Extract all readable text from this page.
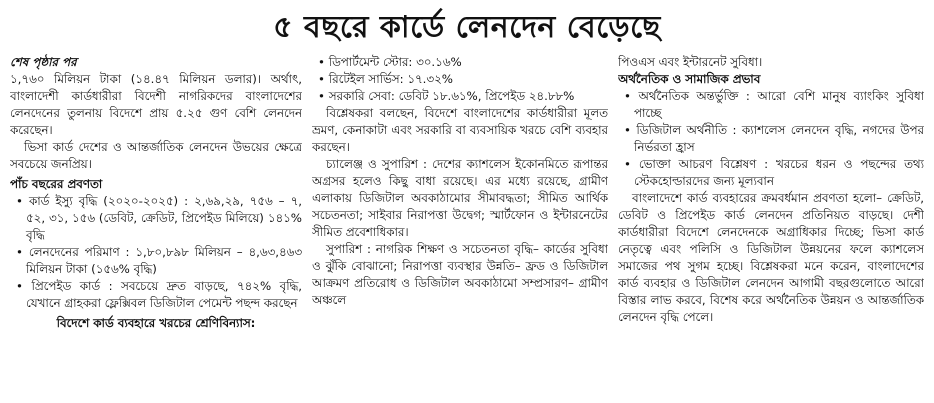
৫ বছরে কার্ডে লেনদেন বেড়েছে

শেষ পৃষ্ঠার পর

১,৭৬০ মিলিয়ন টাকা (১৪.৪৭ মিলিয়ন ডলার)। অর্থাৎ, বাংলাদেশী কার্ডধারীরা বিদেশী নাগরিকদের বাংলাদেশের লেনদেনের তুলনায় বিদেশে প্রায় ৫.২৫ গুণ বেশি লেনদেন করেছেন।

ভিসা কার্ড দেশের ও আন্তর্জাতিক লেনদেন উভয়ের ক্ষেত্রে সবচেয়ে জনপ্রিয়।

পাঁচ বছরের প্রবণতা

• কার্ড ইস্যু বৃদ্ধি (২০২০-২০২৫) : ২,৬৯,২৯, ৭৫৬ – ৭, ৫২, ৩১, ১৫৬ (ডেবিট, ক্রেডিট, প্রিপেইড মিলিয়ে) ১৪১% বৃদ্ধি

• লেনদেনের পরিমাণ : ১,৮০,৮৯৮ মিলিয়ন – ৪,৬৩,৪৬৩ মিলিয়ন টাকা (১৫৬% বৃদ্ধি)

• প্রিপেইড কার্ড : সবচেয়ে দ্রুত বাড়ছে, ৭৪২% বৃদ্ধি, যেখানে গ্রাহকরা ফ্লেক্সিবল ডিজিটাল পেমেন্ট পছন্দ করছেন

বিদেশে কার্ড ব্যবহারে খরচের শ্রেণিবিন্যাস:

• ডিপার্টমেন্ট স্টোর: ৩০.১৬%

• রিটেইল সার্ভিস: ১৭.৩২%

• সরকারি সেবা: ডেবিট ১৮.৬১%, প্রিপেইড ২৪.৮৮%

বিশ্লেষকরা বলছেন, বিদেশে বাংলাদেশের কার্ডধারীরা মূলত ভ্রমণ, কেনাকাটা এবং সরকারি বা ব্যবসায়িক খরচে বেশি ব্যবহার করছেন।

চ্যালেঞ্জ ও সুপারিশ : দেশের ক্যাশলেস ইকোনমিতে রূপান্তর অগ্রসর হলেও কিছু বাধা রয়েছে। এর মধ্যে রয়েছে, গ্রামীণ এলাকায় ডিজিটাল অবকাঠামোর সীমাবদ্ধতা; সীমিত আর্থিক সচেতনতা; সাইবার নিরাপত্তা উদ্বেগ; স্মার্টফোন ও ইন্টারনেটের সীমিত প্রবেশাধিকার।

সুপারিশ : নাগরিক শিক্ষণ ও সচেতনতা বৃদ্ধি– কার্ডের সুবিধা ও ঝুঁকি বোঝানো; নিরাপত্তা ব্যবস্থার উন্নতি– ফ্রড ও ডিজিটাল আক্রমণ প্রতিরোধ ও ডিজিটাল অবকাঠামো সম্প্রসারণ– গ্রামীণ অঞ্চলে

পিওএস এবং ইন্টারনেট সুবিধা।

অর্থনৈতিক ও সামাজিক প্রভাব

• অর্থনৈতিক অন্তর্ভুক্তি : আরো বেশি মানুষ ব্যাংকিং সুবিধা পাচ্ছে

• ডিজিটাল অর্থনীতি : ক্যাশলেস লেনদেন বৃদ্ধি, নগদের উপর নির্ভরতা হ্রাস

• ভোক্তা আচরণ বিশ্লেষণ : খরচের ধরন ও পছন্দের তথ্য স্টেকহোল্ডারদের জন্য মূল্যবান

বাংলাদেশে কার্ড ব্যবহারের ক্রমবর্ধমান প্রবণতা হলো– ক্রেডিট, ডেবিট ও প্রিপেইড কার্ড লেনদেন প্রতিনিয়ত বাড়ছে। দেশী কার্ডধারীরা বিদেশে লেনদেনকে অগ্রাধিকার দিচ্ছে; ভিসা কার্ড নেতৃত্বে এবং পলিসি ও ডিজিটাল উন্নয়নের ফলে ক্যাশলেস সমাজের পথ সুগম হচ্ছে। বিশ্লেষকরা মনে করেন, বাংলাদেশের কার্ড ব্যবহার ও ডিজিটাল লেনদেন আগামী বছরগুলোতে আরো বিস্তার লাভ করবে, বিশেষ করে অর্থনৈতিক উন্নয়ন ও আন্তর্জাতিক লেনদেন বৃদ্ধি পেলে।
